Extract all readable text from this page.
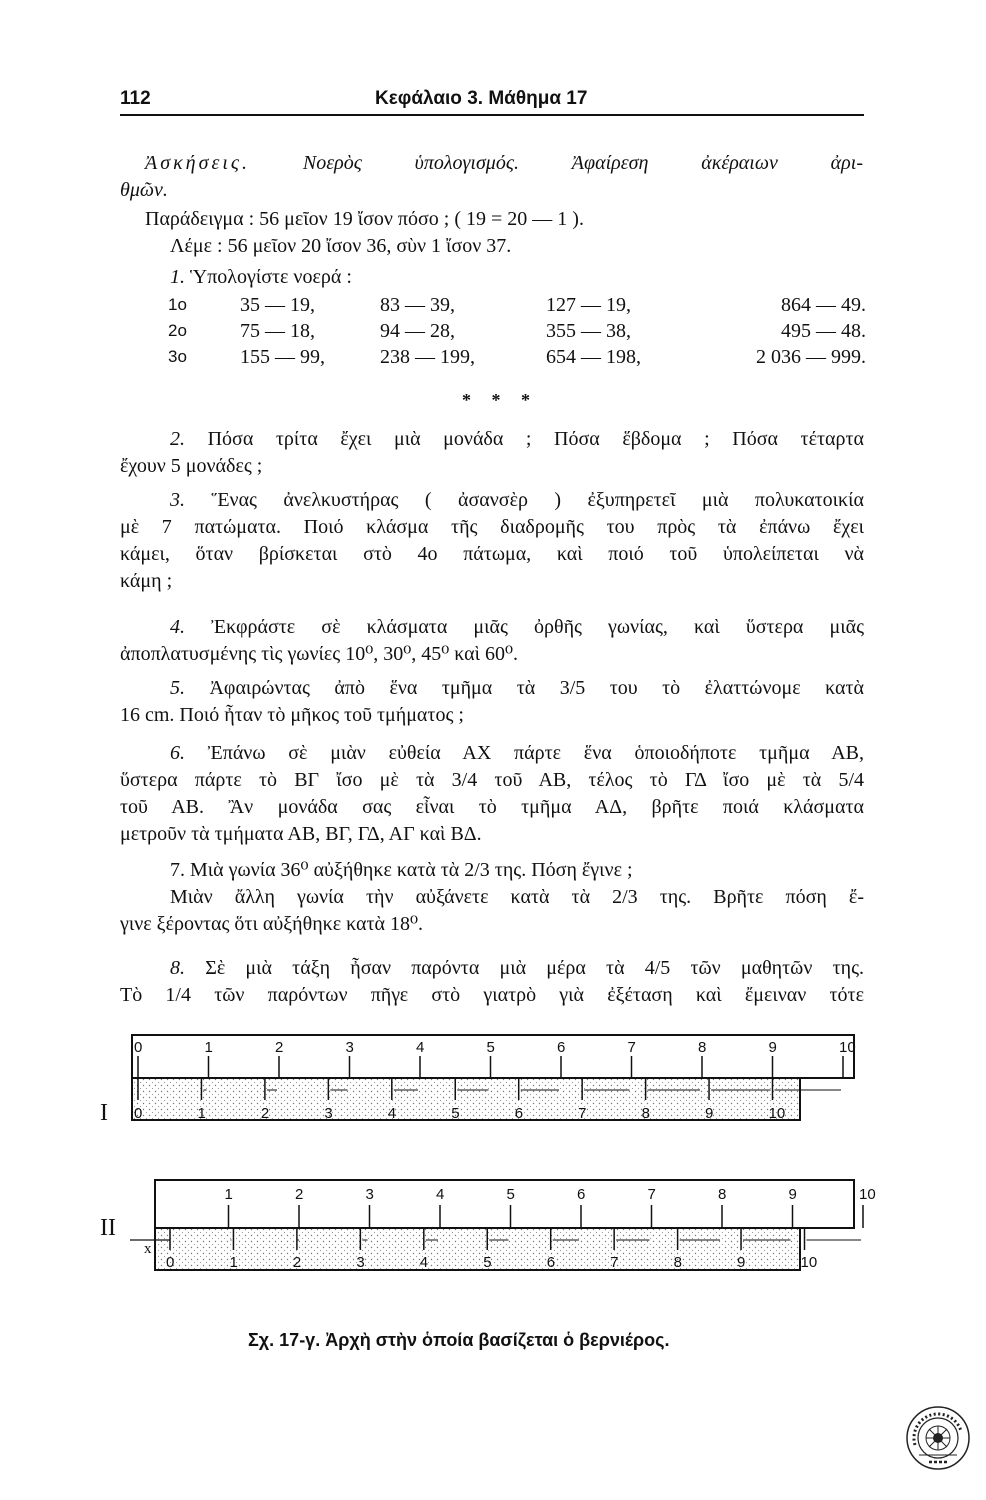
112	Κεφάλαιο 3. Μάθημα 17
Ἀσκήσεις.	Νοερὸς ὑπολογισμός. Ἀφαίρεση ἀκέραιων ἀρι-
θμῶν.
Παράδειγμα : 56 μεῖον 19 ἴσον πόσο ; ( 19 = 20 — 1 ).
Λέμε : 56 μεῖον 20 ἴσον 36, σὺν 1 ἴσον 37.
1. Ὑπολογίστε νοερά :
1ο	35 — 19,	83 — 39,	127 — 19,	864 — 49.
2ο	75 — 18,	94 — 28,	355 — 38,	495 — 48.
3ο	155 — 99,	238 — 199,	654 — 198,	2 036 — 999.
* * *
2. Πόσα τρίτα ἔχει μιὰ μονάδα ; Πόσα ἕβδομα ; Πόσα τέταρτα
ἔχουν 5 μονάδες ;
3. Ἕνας ἀνελκυστήρας ( ἀσανσὲρ ) ἐξυπηρετεῖ μιὰ πολυκατοικία
μὲ 7 πατώματα. Ποιό κλάσμα τῆς διαδρομῆς του πρὸς τὰ ἐπάνω ἔχει
κάμει, ὅταν βρίσκεται στὸ 4ο πάτωμα, καὶ ποιό τοῦ ὑπολείπεται νὰ
κάμη ;
4. Ἐκφράστε σὲ κλάσματα μιᾶς ὀρθῆς γωνίας, καὶ ὕστερα μιᾶς
ἀποπλατυσμένης τὶς γωνίες 10⁰, 30⁰, 45⁰ καὶ 60⁰.
5. Ἀφαιρώντας ἀπὸ ἕνα τμῆμα τὰ 3/5 του τὸ ἐλαττώνομε κατὰ
16 cm. Ποιό ἦταν τὸ μῆκος τοῦ τμήματος ;
6. Ἐπάνω σὲ μιὰν εὐθεία ΑΧ πάρτε ἕνα ὁποιοδήποτε τμῆμα ΑΒ,
ὕστερα πάρτε τὸ ΒΓ ἴσο μὲ τὰ 3/4 τοῦ ΑΒ, τέλος τὸ ΓΔ ἴσο μὲ τὰ 5/4
τοῦ ΑΒ. Ἂν μονάδα σας εἶναι τὸ τμῆμα ΑΔ, βρῆτε ποιά κλάσματα
μετροῦν τὰ τμήματα ΑΒ, ΒΓ, ΓΔ, ΑΓ καὶ ΒΔ.
7. Μιὰ γωνία 36⁰ αὐξήθηκε κατὰ τὰ 2/3 της. Πόση ἔγινε ;
Μιὰν ἄλλη γωνία τὴν αὐξάνετε κατὰ τὰ 2/3 της. Βρῆτε πόση ἔ-
γινε ξέροντας ὅτι αὐξήθηκε κατὰ 18⁰.
8. Σὲ μιὰ τάξη ἦσαν παρόντα μιὰ μέρα τὰ 4/5 τῶν μαθητῶν της.
Τὸ 1/4 τῶν παρόντων πῆγε στὸ γιατρὸ γιὰ ἐξέταση καὶ ἔμειναν τότε
I
0	1	2	3	4	5	6	7	8	9	10
0	1	2	3	4	5	6	7	8	9	10
II
x
1	2	3	4	5	6	7	8	9	10
0	1	2	3	4	5	6	7	8	9	10
Σχ. 17-γ. Ἀρχὴ στὴν ὁποία βασίζεται ὁ βερνιέρος.
